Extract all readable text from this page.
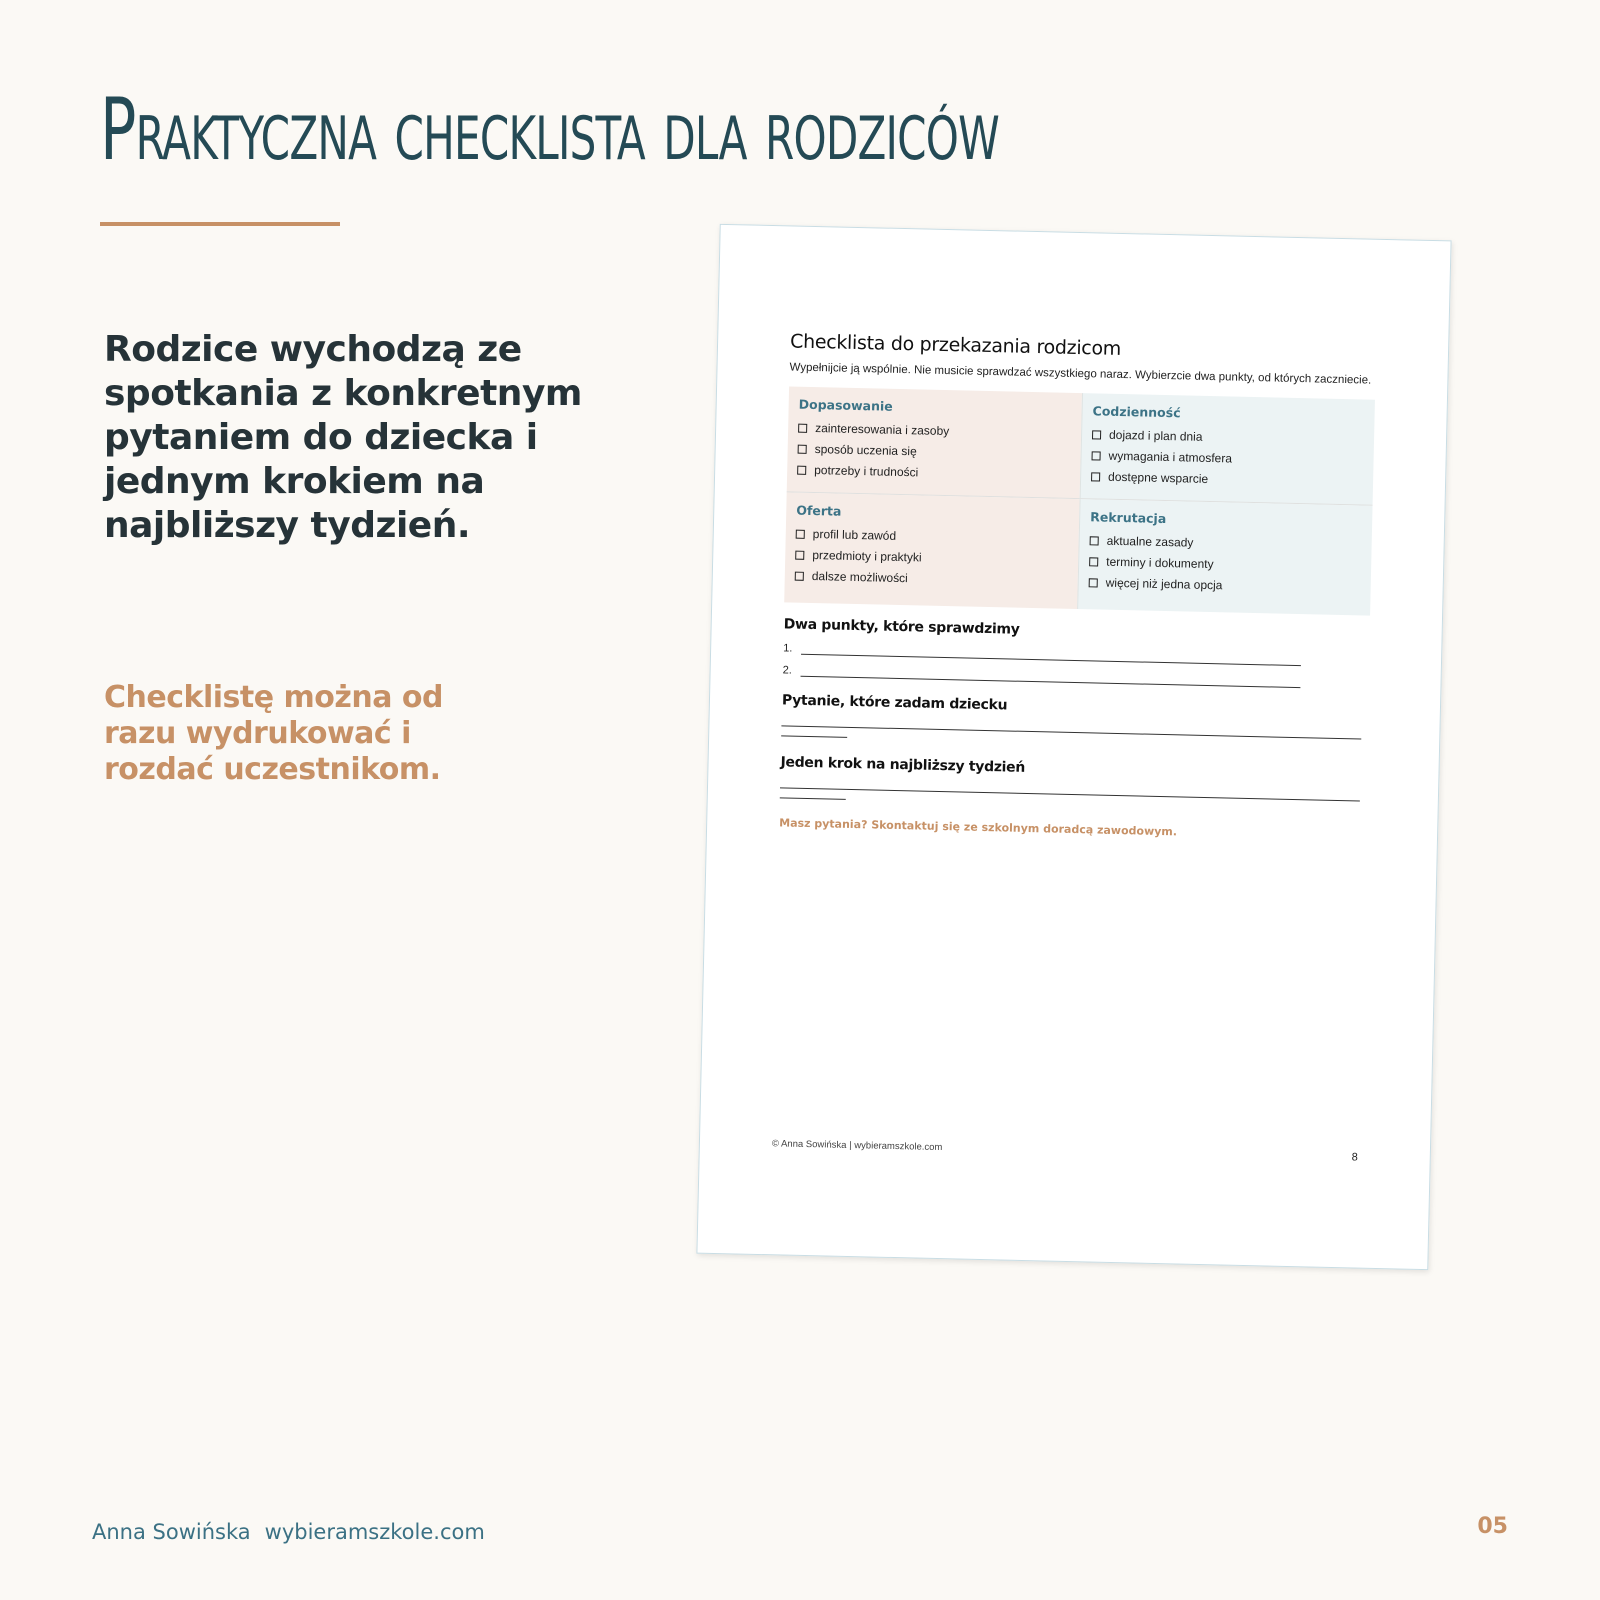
Praktyczna checklista dla rodziców

Rodzice wychodzą ze spotkania z konkretnym pytaniem do dziecka i jednym krokiem na najbliższy tydzień.

Checklistę można od razu wydrukować i rozdać uczestnikom.

Checklista do przekazania rodzicom
Wypełnijcie ją wspólnie. Nie musicie sprawdzać wszystkiego naraz. Wybierzcie dwa punkty, od których zaczniecie.
Dopasowanie
zainteresowania i zasoby
sposób uczenia się
potrzeby i trudności
Codzienność
dojazd i plan dnia
wymagania i atmosfera
dostępne wsparcie
Oferta
profil lub zawód
przedmioty i praktyki
dalsze możliwości
Rekrutacja
aktualne zasady
terminy i dokumenty
więcej niż jedna opcja
Dwa punkty, które sprawdzimy
1.
2.
Pytanie, które zadam dziecku
Jeden krok na najbliższy tydzień
Masz pytania? Skontaktuj się ze szkolnym doradcą zawodowym.
© Anna Sowińska | wybieramszkole.com
8
Anna Sowińska wybieramszkole.com	05
